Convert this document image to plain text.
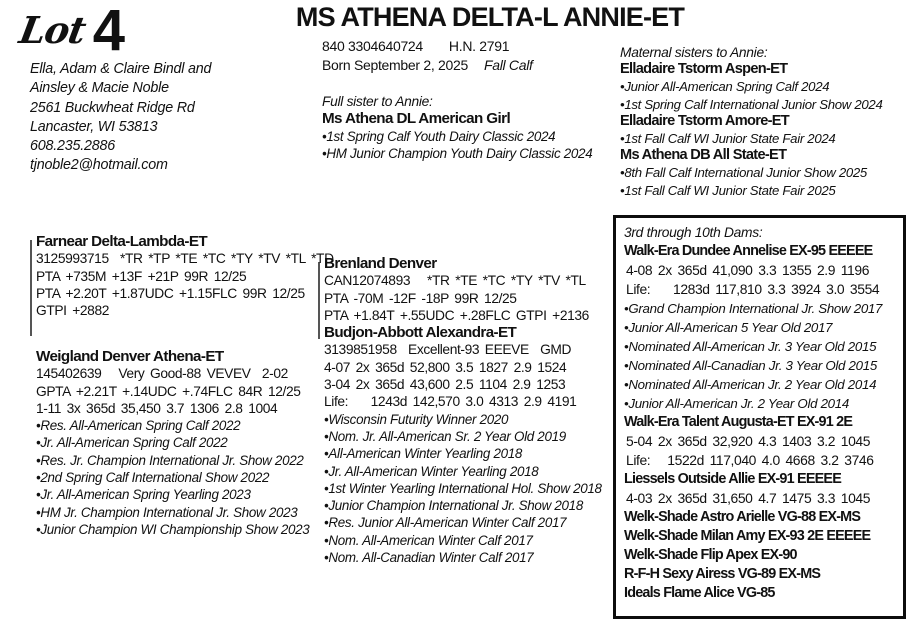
Lot4	MS ATHENA DELTA-L ANNIE-ET
840 3304640724 H.N. 2791
Born September 2, 2025 Fall Calf
Ella, Adam & Claire Bindl and
Ainsley & Macie Noble
2561 Buckwheat Ridge Rd
Lancaster, WI 53813
608.235.2886
tjnoble2@hotmail.com
Full sister to Annie:
Ms Athena DL American Girl
• 1st Spring Calf Youth Dairy Classic 2024
• HM Junior Champion Youth Dairy Classic 2024
Maternal sisters to Annie:
Elladaire Tstorm Aspen-ET
• Junior All-American Spring Calf 2024
• 1st Spring Calf International Junior Show 2024
Elladaire Tstorm Amore-ET
• 1st Fall Calf WI Junior State Fair 2024
Ms Athena DB All State-ET
• 8th Fall Calf International Junior Show 2025
• 1st Fall Calf WI Junior State Fair 2025
Farnear Delta-Lambda-ET
3125993715  *TR *TP *TE *TC *TY *TV *TL *TD
PTA +735M +13F +21P 99R 12/25
PTA +2.20T +1.87UDC +1.15FLC 99R 12/25
GTPI +2882
Weigland Denver Athena-ET
145402639   Very Good-88 VEVEV  2-02
GPTA +2.21T +.14UDC +.74FLC 84R 12/25
1-11 3x 365d 35,450 3.7 1306 2.8 1004
• Res. All-American Spring Calf 2022
• Jr. All-American Spring Calf 2022
• Res. Jr. Champion International Jr. Show 2022
• 2nd Spring Calf International Show 2022
• Jr. All-American Spring Yearling 2023
• HM Jr. Champion International Jr. Show 2023
• Junior Champion WI Championship Show 2023
Brenland Denver
CAN12074893   *TR *TE *TC *TY *TV *TL
PTA -70M -12F -18P 99R 12/25
PTA +1.84T +.55UDC +.28FLC GTPI +2136
Budjon-Abbott Alexandra-ET
3139851958  Excellent-93 EEEVE  GMD
4-07 2x 365d 52,800 3.5 1827 2.9 1524
3-04 2x 365d 43,600 2.5 1104 2.9 1253
Life:    1243d 142,570 3.0 4313 2.9 4191
• Wisconsin Futurity Winner 2020
• Nom. Jr. All-American Sr. 2 Year Old 2019
• All-American Winter Yearling 2018
• Jr. All-American Winter Yearling 2018
• 1st Winter Yearling International Hol. Show 2018
• Junior Champion International Jr. Show 2018
• Res. Junior All-American Winter Calf 2017
• Nom. All-American Winter Calf 2017
• Nom. All-Canadian Winter Calf 2017
3rd through 10th Dams:
Walk-Era Dundee Annelise EX-95 EEEEE
4-08 2x 365d 41,090 3.3 1355 2.9 1196
Life:    1283d 117,810 3.3 3924 3.0 3554
• Grand Champion International Jr. Show 2017
• Junior All-American 5 Year Old 2017
• Nominated All-American Jr. 3 Year Old 2015
• Nominated All-Canadian Jr. 3 Year Old 2015
• Nominated All-American Jr. 2 Year Old 2014
• Junior All-American Jr. 2 Year Old 2014
Walk-Era Talent Augusta-ET EX-91 2E
5-04 2x 365d 32,920 4.3 1403 3.2 1045
Life:   1522d 117,040 4.0 4668 3.2 3746
Liessels Outside Allie EX-91 EEEEE
4-03 2x 365d 31,650 4.7 1475 3.3 1045
Welk-Shade Astro Arielle VG-88 EX-MS
Welk-Shade Milan Amy EX-93 2E EEEEE
Welk-Shade Flip Apex EX-90
R-F-H Sexy Airess VG-89 EX-MS
Ideals Flame Alice VG-85
